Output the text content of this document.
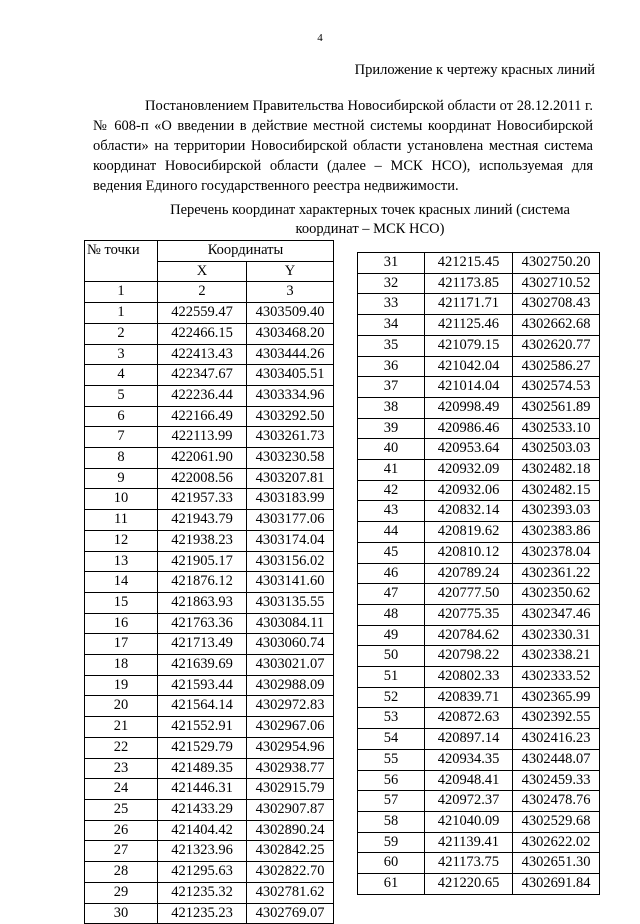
4
Приложение к чертежу красных линий
Постановлением Правительства Новосибирской области от 28.12.2011 г. № 608-п «О введении в действие местной системы координат Новосибирской области» на территории Новосибирской области установлена местная система координат Новосибирской области (далее – МСК НСО), используемая для ведения Единого государственного реестра недвижимости.
Перечень координат характерных точек красных линий (система координат – МСК НСО)
№ точки	Координаты	
	X	Y
1	2	3
1	422559.47	4303509.40
2	422466.15	4303468.20
3	422413.43	4303444.26
4	422347.67	4303405.51
5	422236.44	4303334.96
6	422166.49	4303292.50
7	422113.99	4303261.73
8	422061.90	4303230.58
9	422008.56	4303207.81
10	421957.33	4303183.99
11	421943.79	4303177.06
12	421938.23	4303174.04
13	421905.17	4303156.02
14	421876.12	4303141.60
15	421863.93	4303135.55
16	421763.36	4303084.11
17	421713.49	4303060.74
18	421639.69	4303021.07
19	421593.44	4302988.09
20	421564.14	4302972.83
21	421552.91	4302967.06
22	421529.79	4302954.96
23	421489.35	4302938.77
24	421446.31	4302915.79
25	421433.29	4302907.87
26	421404.42	4302890.24
27	421323.96	4302842.25
28	421295.63	4302822.70
29	421235.32	4302781.62
30	421235.23	4302769.07
31	421215.45	4302750.20
32	421173.85	4302710.52
33	421171.71	4302708.43
34	421125.46	4302662.68
35	421079.15	4302620.77
36	421042.04	4302586.27
37	421014.04	4302574.53
38	420998.49	4302561.89
39	420986.46	4302533.10
40	420953.64	4302503.03
41	420932.09	4302482.18
42	420932.06	4302482.15
43	420832.14	4302393.03
44	420819.62	4302383.86
45	420810.12	4302378.04
46	420789.24	4302361.22
47	420777.50	4302350.62
48	420775.35	4302347.46
49	420784.62	4302330.31
50	420798.22	4302338.21
51	420802.33	4302333.52
52	420839.71	4302365.99
53	420872.63	4302392.55
54	420897.14	4302416.23
55	420934.35	4302448.07
56	420948.41	4302459.33
57	420972.37	4302478.76
58	421040.09	4302529.68
59	421139.41	4302622.02
60	421173.75	4302651.30
61	421220.65	4302691.84
